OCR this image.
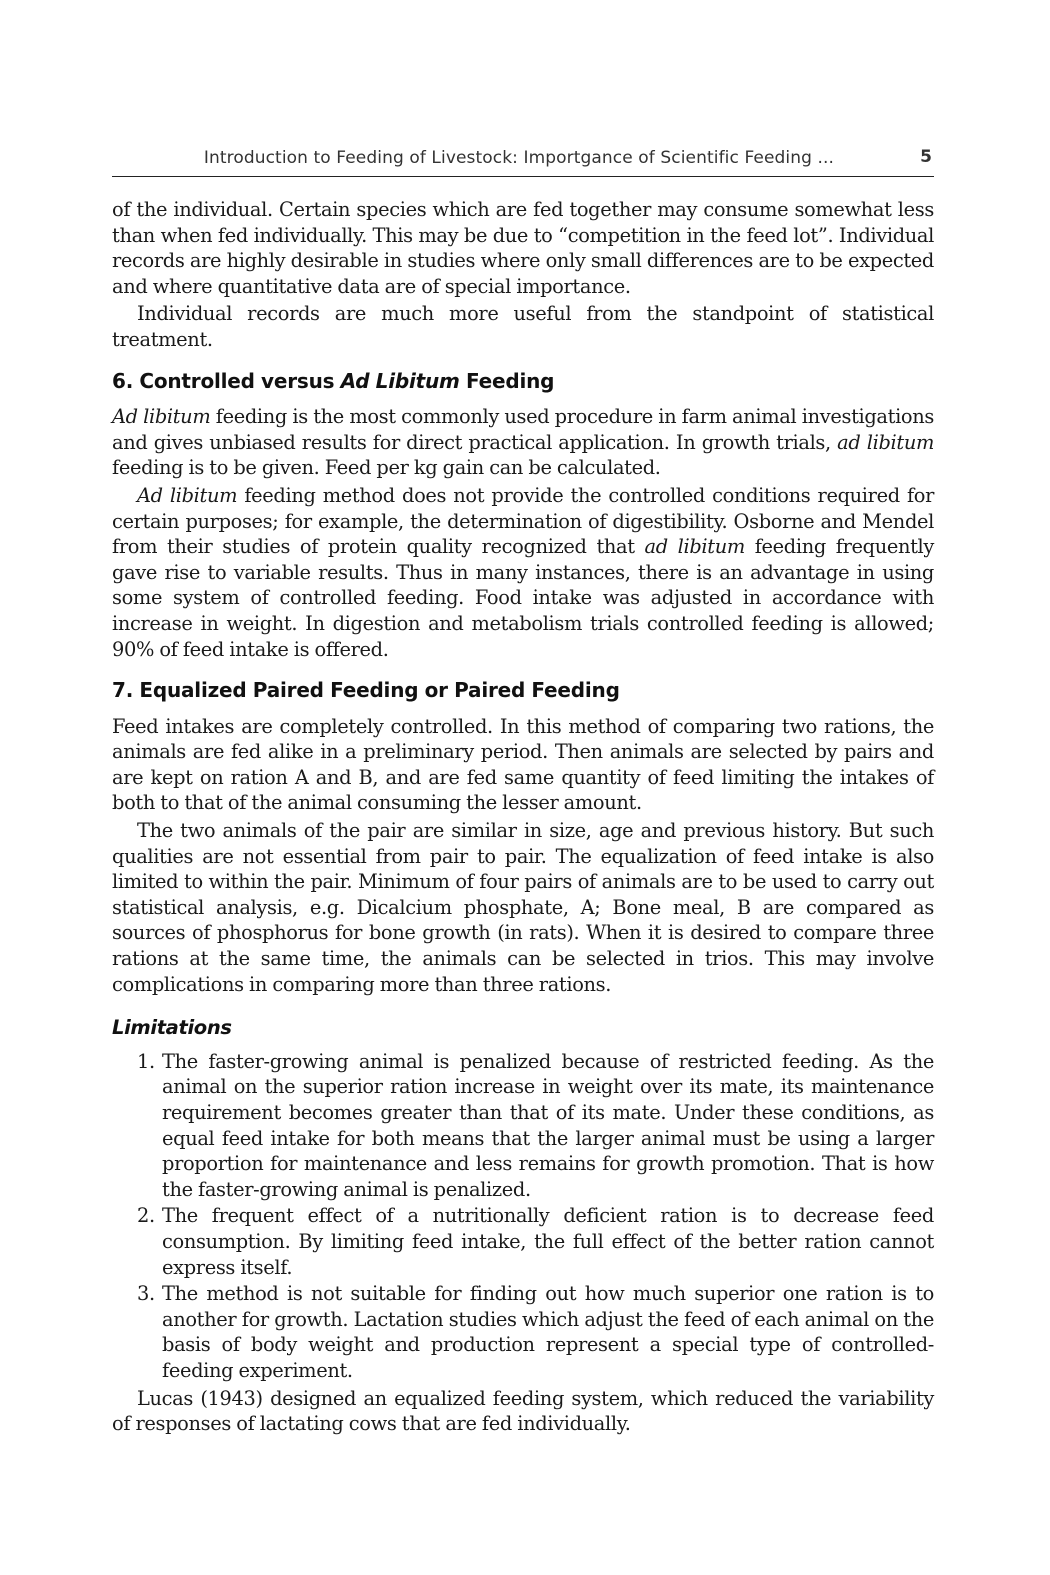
Introduction to Feeding of Livestock: Importgance of Scientific Feeding ...	5

of the individual. Certain species which are fed together may consume somewhat less than when fed individually. This may be due to “competition in the feed lot”. Individual records are highly desirable in studies where only small differences are to be expected and where quantitative data are of special importance.

Individual records are much more useful from the standpoint of statistical treatment.

6. Controlled versus Ad Libitum Feeding

Ad libitum feeding is the most commonly used procedure in farm animal investigations and gives unbiased results for direct practical application. In growth trials, ad libitum feeding is to be given. Feed per kg gain can be calculated.

Ad libitum feeding method does not provide the controlled conditions required for certain purposes; for example, the determination of digestibility. Osborne and Mendel from their studies of protein quality recognized that ad libitum feeding frequently gave rise to variable results. Thus in many instances, there is an advantage in using some system of controlled feeding. Food intake was adjusted in accordance with increase in weight. In digestion and metabolism trials controlled feeding is allowed; 90% of feed intake is offered.

7. Equalized Paired Feeding or Paired Feeding

Feed intakes are completely controlled. In this method of comparing two rations, the animals are fed alike in a preliminary period. Then animals are selected by pairs and are kept on ration A and B, and are fed same quantity of feed limiting the intakes of both to that of the animal consuming the lesser amount.

The two animals of the pair are similar in size, age and previous history. But such qualities are not essential from pair to pair. The equalization of feed intake is also limited to within the pair. Minimum of four pairs of animals are to be used to carry out statistical analysis, e.g. Dicalcium phosphate, A; Bone meal, B are compared as sources of phosphorus for bone growth (in rats). When it is desired to compare three rations at the same time, the animals can be selected in trios. This may involve complications in comparing more than three rations.

Limitations
1. The faster-growing animal is penalized because of restricted feeding. As the animal on the superior ration increase in weight over its mate, its maintenance requirement becomes greater than that of its mate. Under these conditions, as equal feed intake for both means that the larger animal must be using a larger proportion for maintenance and less remains for growth promotion. That is how the faster-growing animal is penalized.
2. The frequent effect of a nutritionally deficient ration is to decrease feed consumption. By limiting feed intake, the full effect of the better ration cannot express itself.
3. The method is not suitable for finding out how much superior one ration is to another for growth. Lactation studies which adjust the feed of each animal on the basis of body weight and production represent a special type of controlled-feeding experiment.

Lucas (1943) designed an equalized feeding system, which reduced the variability of responses of lactating cows that are fed individually.
